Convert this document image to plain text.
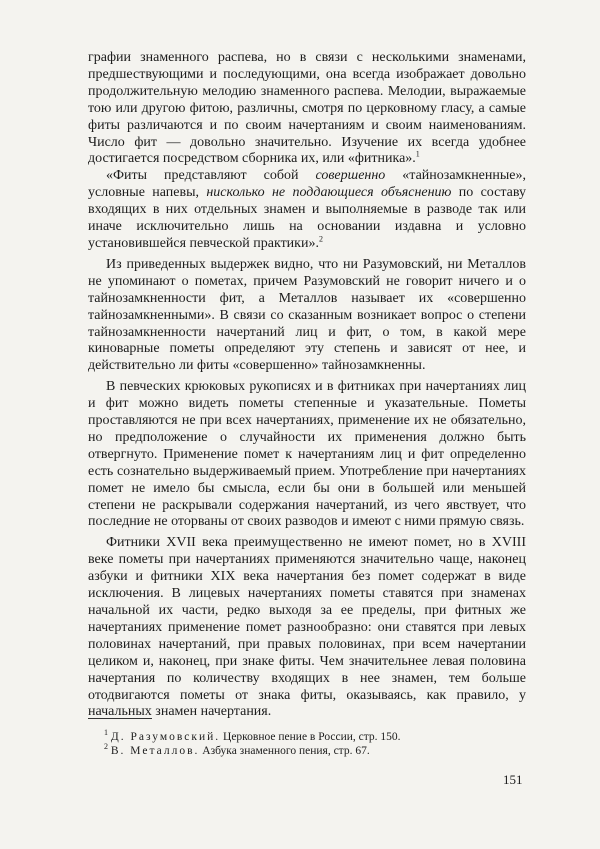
графии знаменного распева, но в связи с несколькими знаменами, предшествующими и последующими, она всегда изображает довольно продолжительную мелодию знаменного распева. Мелодии, выражаемые тою или другою фитою, различны, смотря по церковному гласу, а самые фиты различаются и по своим начертаниям и своим наименованиям. Число фит — довольно значительно. Изучение их всегда удобнее достигается посредством сборника их, или «фитника».$^1$

«Фиты представляют собой совершенно «тайнозамкненные», условные напевы, нисколько не поддающиеся объяснению по составу входящих в них отдельных знамен и выполняемые в разводе так или иначе исключительно лишь на основании издавна и условно установившейся певческой практики».$^2$

Из приведенных выдержек видно, что ни Разумовский, ни Металлов не упоминают о пометах, причем Разумовский не говорит ничего и о тайнозамкненности фит, а Металлов называет их «совершенно тайнозамкненными». В связи со сказанным возникает вопрос о степени тайнозамкненности начертаний лиц и фит, о том, в какой мере киноварные пометы определяют эту степень и зависят от нее, и действительно ли фиты «совершенно» тайнозамкненны.

В певческих крюковых рукописях и в фитниках при начертаниях лиц и фит можно видеть пометы степенные и указательные. Пометы проставляются не при всех начертаниях, применение их не обязательно, но предположение о случайности их применения должно быть отвергнуто. Применение помет к начертаниям лиц и фит определенно есть сознательно выдерживаемый прием. Употребление при начертаниях помет не имело бы смысла, если бы они в большей или меньшей степени не раскрывали содержания начертаний, из чего явствует, что последние не оторваны от своих разводов и имеют с ними прямую связь.

Фитники XVII века преимущественно не имеют помет, но в XVIII веке пометы при начертаниях применяются значительно чаще, наконец азбуки и фитники XIX века начертания без помет содержат в виде исключения. В лицевых начертаниях пометы ставятся при знаменах начальной их части, редко выходя за ее пределы, при фитных же начертаниях применение помет разнообразно: они ставятся при левых половинах начертаний, при правых половинах, при всем начертании целиком и, наконец, при знаке фиты. Чем значительнее левая половина начертания по количеству входящих в нее знамен, тем больше отодвигаются пометы от знака фиты, оказываясь, как правило, у начальных знамен начертания.

$^1$ Д. Разумовский. Церковное пение в России, стр. 150.

$^2$ В. Металлов. Азбука знаменного пения, стр. 67.

151
